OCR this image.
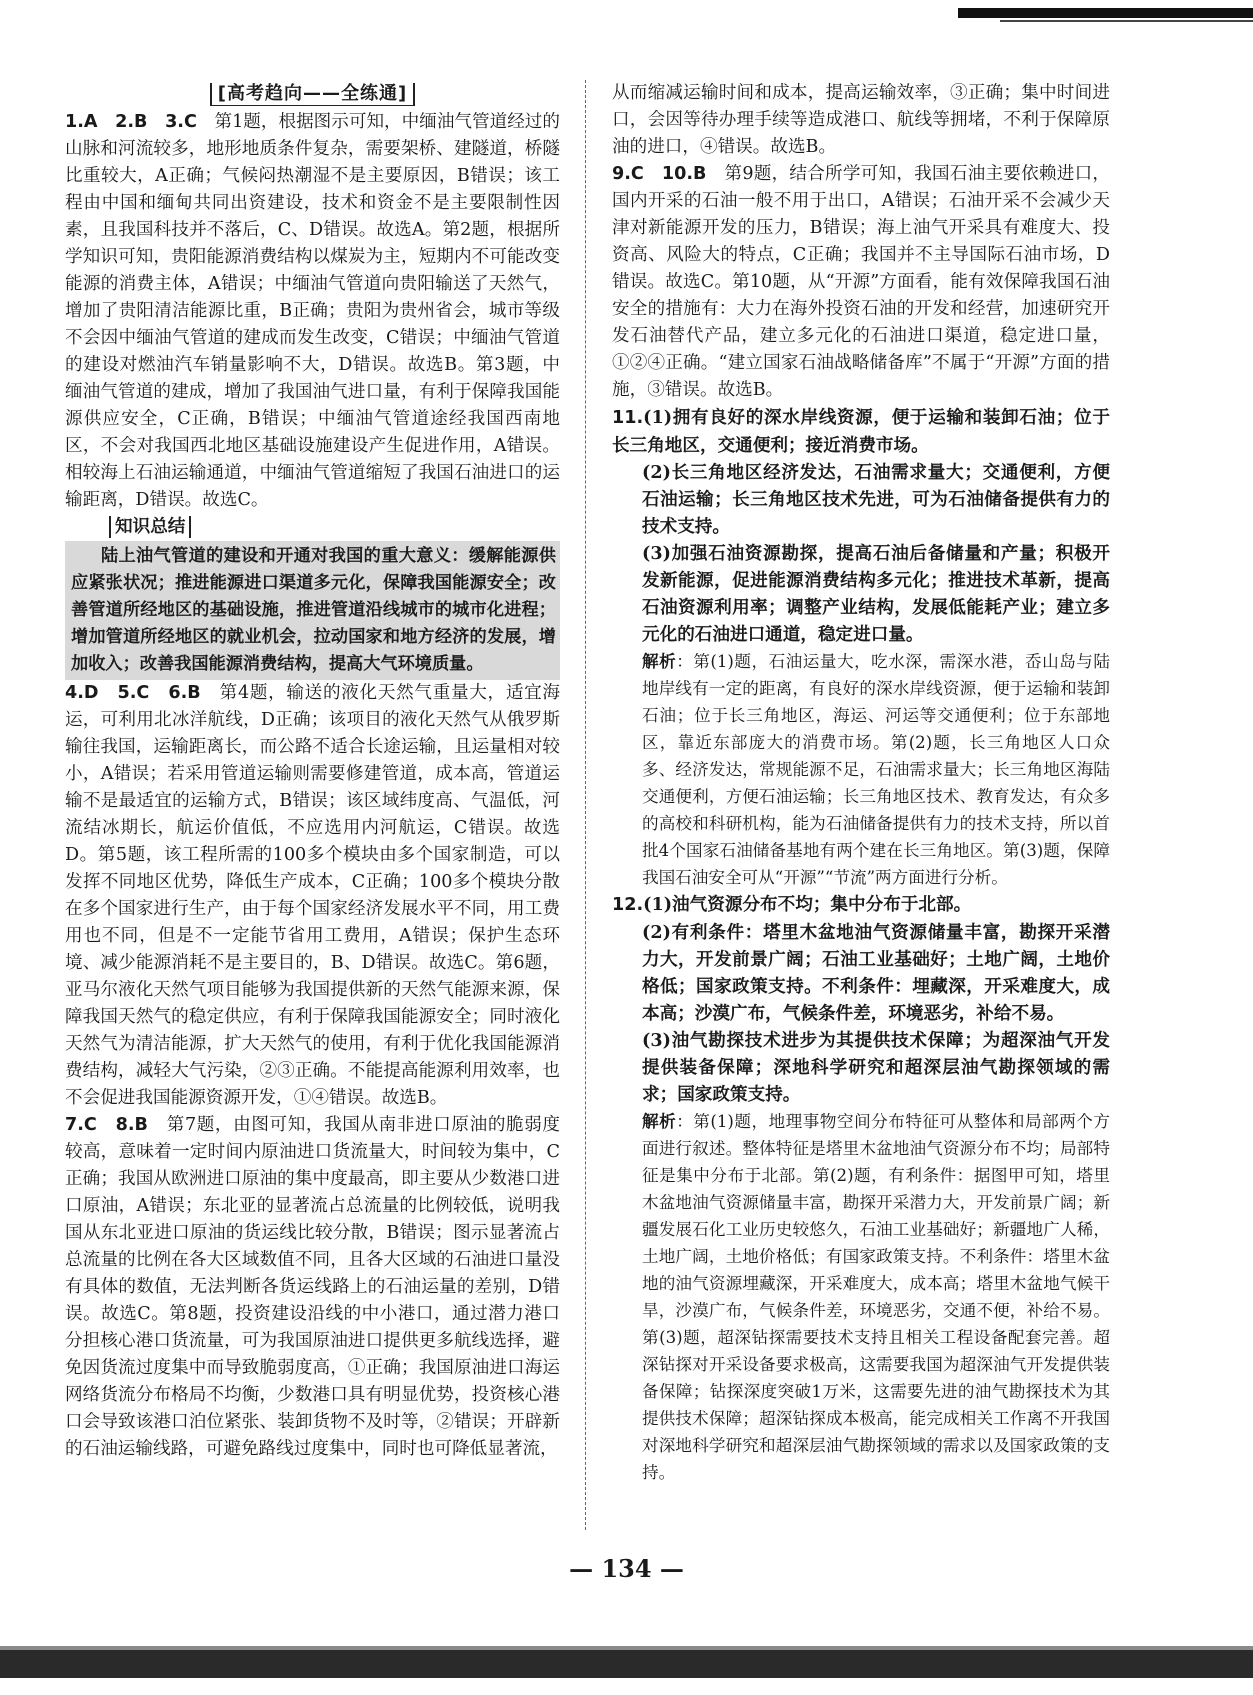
[高考趋向——全练通]

1.A　2.B　3.C　第1题，根据图示可知，中缅油气管道经过的山脉和河流较多，地形地质条件复杂，需要架桥、建隧道，桥隧比重较大，A正确；气候闷热潮湿不是主要原因，B错误；该工程由中国和缅甸共同出资建设，技术和资金不是主要限制性因素，且我国科技并不落后，C、D错误。故选A。第2题，根据所学知识可知，贵阳能源消费结构以煤炭为主，短期内不可能改变能源的消费主体，A错误；中缅油气管道向贵阳输送了天然气，增加了贵阳清洁能源比重，B正确；贵阳为贵州省会，城市等级不会因中缅油气管道的建成而发生改变，C错误；中缅油气管道的建设对燃油汽车销量影响不大，D错误。故选B。第3题，中缅油气管道的建成，增加了我国油气进口量，有利于保障我国能源供应安全，C正确，B错误；中缅油气管道途经我国西南地区，不会对我国西北地区基础设施建设产生促进作用，A错误。相较海上石油运输通道，中缅油气管道缩短了我国石油进口的运输距离，D错误。故选C。

知识总结
陆上油气管道的建设和开通对我国的重大意义：缓解能源供应紧张状况；推进能源进口渠道多元化，保障我国能源安全；改善管道所经地区的基础设施，推进管道沿线城市的城市化进程；增加管道所经地区的就业机会，拉动国家和地方经济的发展，增加收入；改善我国能源消费结构，提高大气环境质量。

4.D　5.C　6.B　第4题，输送的液化天然气重量大，适宜海运，可利用北冰洋航线，D正确；该项目的液化天然气从俄罗斯输往我国，运输距离长，而公路不适合长途运输，且运量相对较小，A错误；若采用管道运输则需要修建管道，成本高，管道运输不是最适宜的运输方式，B错误；该区域纬度高、气温低，河流结冰期长，航运价值低，不应选用内河航运，C错误。故选D。第5题，该工程所需的100多个模块由多个国家制造，可以发挥不同地区优势，降低生产成本，C正确；100多个模块分散在多个国家进行生产，由于每个国家经济发展水平不同，用工费用也不同，但是不一定能节省用工费用，A错误；保护生态环境、减少能源消耗不是主要目的，B、D错误。故选C。第6题，亚马尔液化天然气项目能够为我国提供新的天然气能源来源，保障我国天然气的稳定供应，有利于保障我国能源安全；同时液化天然气为清洁能源，扩大天然气的使用，有利于优化我国能源消费结构，减轻大气污染，②③正确。不能提高能源利用效率，也不会促进我国能源资源开发，①④错误。故选B。

7.C　8.B　第7题，由图可知，我国从南非进口原油的脆弱度较高，意味着一定时间内原油进口货流量大，时间较为集中，C正确；我国从欧洲进口原油的集中度最高，即主要从少数港口进口原油，A错误；东北亚的显著流占总流量的比例较低，说明我国从东北亚进口原油的货运线比较分散，B错误；图示显著流占总流量的比例在各大区域数值不同，且各大区域的石油进口量没有具体的数值，无法判断各货运线路上的石油运量的差别，D错误。故选C。第8题，投资建设沿线的中小港口，通过潜力港口分担核心港口货流量，可为我国原油进口提供更多航线选择，避免因货流过度集中而导致脆弱度高，①正确；我国原油进口海运网络货流分布格局不均衡，少数港口具有明显优势，投资核心港口会导致该港口泊位紧张、装卸货物不及时等，②错误；开辟新的石油运输线路，可避免路线过度集中，同时也可降低显著流，

从而缩减运输时间和成本，提高运输效率，③正确；集中时间进口，会因等待办理手续等造成港口、航线等拥堵，不利于保障原油的进口，④错误。故选B。

9.C　10.B　第9题，结合所学可知，我国石油主要依赖进口，国内开采的石油一般不用于出口，A错误；石油开采不会减少天津对新能源开发的压力，B错误；海上油气开采具有难度大、投资高、风险大的特点，C正确；我国并不主导国际石油市场，D错误。故选C。第10题，从“开源”方面看，能有效保障我国石油安全的措施有：大力在海外投资石油的开发和经营，加速研究开发石油替代产品，建立多元化的石油进口渠道，稳定进口量，①②④正确。“建立国家石油战略储备库”不属于“开源”方面的措施，③错误。故选B。

11.(1)拥有良好的深水岸线资源，便于运输和装卸石油；位于长三角地区，交通便利；接近消费市场。

(2)长三角地区经济发达，石油需求量大；交通便利，方便石油运输；长三角地区技术先进，可为石油储备提供有力的技术支持。

(3)加强石油资源勘探，提高石油后备储量和产量；积极开发新能源，促进能源消费结构多元化；推进技术革新，提高石油资源利用率；调整产业结构，发展低能耗产业；建立多元化的石油进口通道，稳定进口量。

解析：第(1)题，石油运量大，吃水深，需深水港，岙山岛与陆地岸线有一定的距离，有良好的深水岸线资源，便于运输和装卸石油；位于长三角地区，海运、河运等交通便利；位于东部地区，靠近东部庞大的消费市场。第(2)题，长三角地区人口众多、经济发达，常规能源不足，石油需求量大；长三角地区海陆交通便利，方便石油运输；长三角地区技术、教育发达，有众多的高校和科研机构，能为石油储备提供有力的技术支持，所以首批4个国家石油储备基地有两个建在长三角地区。第(3)题，保障我国石油安全可从“开源”“节流”两方面进行分析。

12.(1)油气资源分布不均；集中分布于北部。

(2)有利条件：塔里木盆地油气资源储量丰富，勘探开采潜力大，开发前景广阔；石油工业基础好；土地广阔，土地价格低；国家政策支持。不利条件：埋藏深，开采难度大，成本高；沙漠广布，气候条件差，环境恶劣，补给不易。

(3)油气勘探技术进步为其提供技术保障；为超深油气开发提供装备保障；深地科学研究和超深层油气勘探领域的需求；国家政策支持。

解析：第(1)题，地理事物空间分布特征可从整体和局部两个方面进行叙述。整体特征是塔里木盆地油气资源分布不均；局部特征是集中分布于北部。第(2)题，有利条件：据图甲可知，塔里木盆地油气资源储量丰富，勘探开采潜力大，开发前景广阔；新疆发展石化工业历史较悠久，石油工业基础好；新疆地广人稀，土地广阔，土地价格低；有国家政策支持。不利条件：塔里木盆地的油气资源埋藏深，开采难度大，成本高；塔里木盆地气候干旱，沙漠广布，气候条件差，环境恶劣，交通不便，补给不易。第(3)题，超深钻探需要技术支持且相关工程设备配套完善。超深钻探对开采设备要求极高，这需要我国为超深油气开发提供装备保障；钻探深度突破1万米，这需要先进的油气勘探技术为其提供技术保障；超深钻探成本极高，能完成相关工作离不开我国对深地科学研究和超深层油气勘探领域的需求以及国家政策的支持。

— 134 —
